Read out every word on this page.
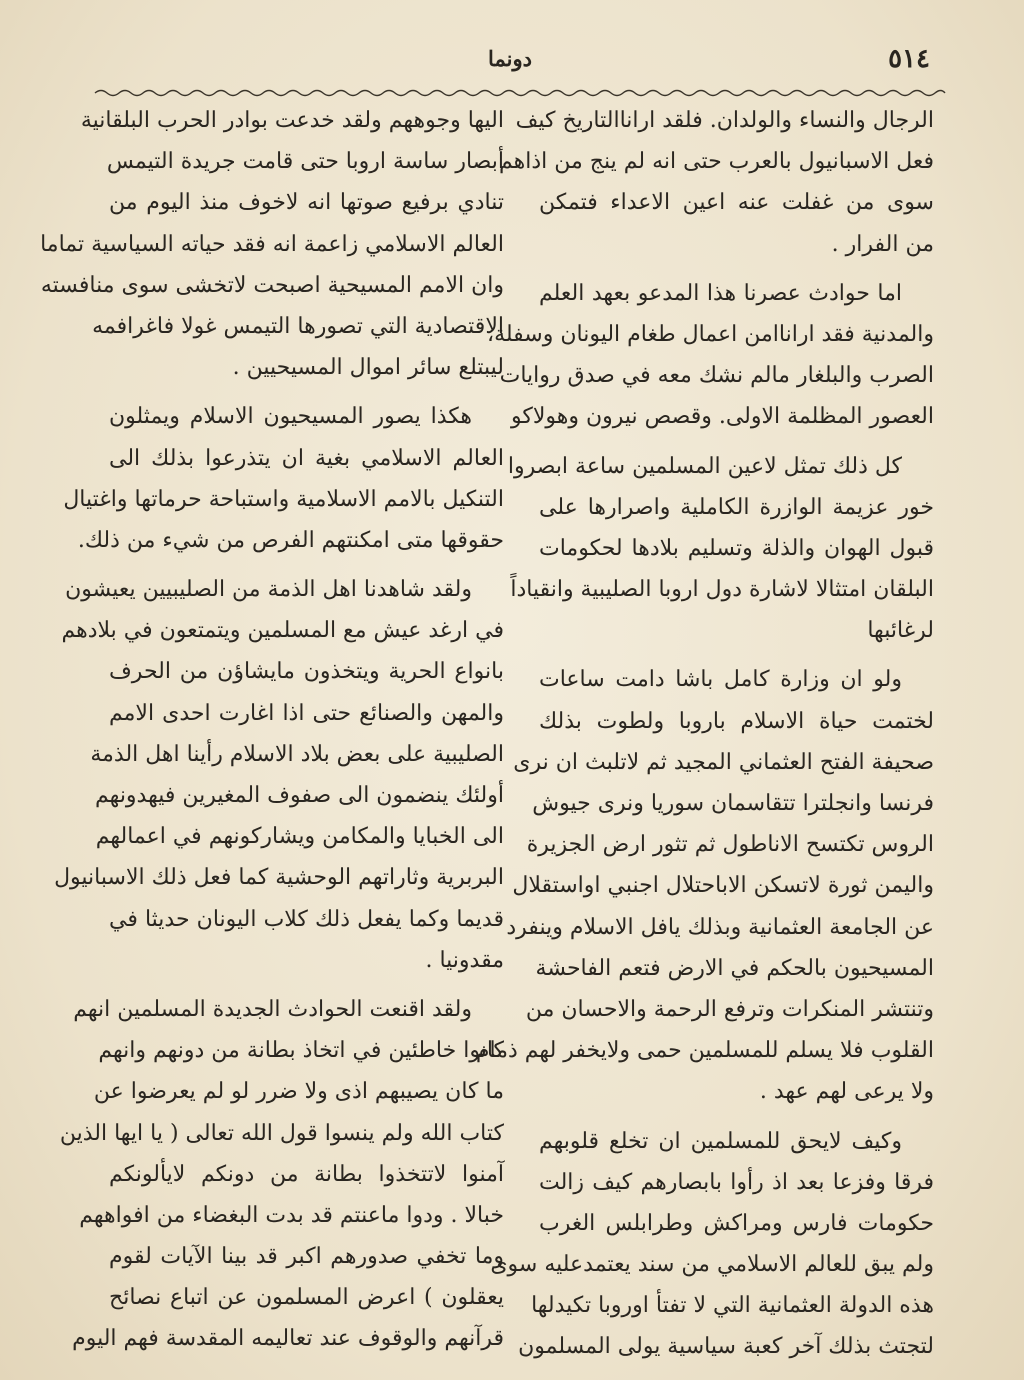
٥١٤
دونما
الرجال والنساء والولدان. فلقد اراناالتاريخ كيف
فعل الاسبانيول بالعرب حتى انه لم ينج من اذاهم
سوى من غفلت عنه اعين الاعداء فتمكن
من الفرار .
اما حوادث عصرنا هذا المدعو بعهد العلم
والمدنية فقد اراناامن اعمال طغام اليونان وسفلة،
الصرب والبلغار مالم نشك معه في صدق روايات
العصور المظلمة الاولى. وقصص نيرون وهولاكو
كل ذلك تمثل لاعين المسلمين ساعة ابصروا
خور عزيمة الوازرة الكاملية واصرارها على
قبول الهوان والذلة وتسليم بلادها لحكومات
البلقان امتثالا لاشارة دول اروبا الصليبية وانقياداً
لرغائبها
ولو ان وزارة كامل باشا دامت ساعات
لختمت حياة الاسلام باروبا ولطوت بذلك
صحيفة الفتح العثماني المجيد ثم لاتلبث ان نرى
فرنسا وانجلترا تتقاسمان سوريا ونرى جيوش
الروس تكتسح الاناطول ثم تثور ارض الجزيرة
واليمن ثورة لاتسكن الاباحتلال اجنبي اواستقلال
عن الجامعة العثمانية وبذلك يافل الاسلام وينفرد
المسيحيون بالحكم في الارض فتعم الفاحشة
وتنتشر المنكرات وترفع الرحمة والاحسان من
القلوب فلا يسلم للمسلمين حمى ولايخفر لهم ذمام
ولا يرعى لهم عهد .
وكيف لايحق للمسلمين ان تخلع قلوبهم
فرقا وفزعا بعد اذ رأوا بابصارهم كيف زالت
حكومات فارس ومراكش وطرابلس الغرب
ولم يبق للعالم الاسلامي من سند يعتمدعليه سوى
هذه الدولة العثمانية التي لا تفتأ اوروبا تكيدلها
لتجتث بذلك آخر كعبة سياسية يولى المسلمون
اليها وجوههم ولقد خدعت بوادر الحرب البلقانية
أبصار ساسة اروبا حتى قامت جريدة التيمس
تنادي برفيع صوتها انه لاخوف منذ اليوم من
العالم الاسلامي زاعمة انه فقد حياته السياسية تماما
وان الامم المسيحية اصبحت لاتخشى سوى منافسته
الاقتصادية التي تصورها التيمس غولا فاغرافمه
ليبتلع سائر اموال المسيحيين .
هكذا يصور المسيحيون الاسلام ويمثلون
العالم الاسلامي بغية ان يتذرعوا بذلك الى
التنكيل بالامم الاسلامية واستباحة حرماتها واغتيال
حقوقها متى امكنتهم الفرص من شيء من ذلك.
ولقد شاهدنا اهل الذمة من الصليبيين يعيشون
في ارغد عيش مع المسلمين ويتمتعون في بلادهم
بانواع الحرية ويتخذون مايشاؤن من الحرف
والمهن والصنائع حتى اذا اغارت احدى الامم
الصليبية على بعض بلاد الاسلام رأينا اهل الذمة
أولئك ينضمون الى صفوف المغيرين فيهدونهم
الى الخبايا والمكامن ويشاركونهم في اعمالهم
البربرية وثاراتهم الوحشية كما فعل ذلك الاسبانيول
قديما وكما يفعل ذلك كلاب اليونان حديثا في
مقدونيا .
ولقد اقنعت الحوادث الجديدة المسلمين انهم
كانوا خاطئين في اتخاذ بطانة من دونهم وانهم
ما كان يصيبهم اذى ولا ضرر لو لم يعرضوا عن
كتاب الله ولم ينسوا قول الله تعالى ( يا ايها الذين
آمنوا لاتتخذوا بطانة من دونكم لايألونكم
خبالا . ودوا ماعنتم قد بدت البغضاء من افواههم
وما تخفي صدورهم اكبر قد بينا الآيات لقوم
يعقلون ) اعرض المسلمون عن اتباع نصائح
قرآنهم والوقوف عند تعاليمه المقدسة فهم اليوم
